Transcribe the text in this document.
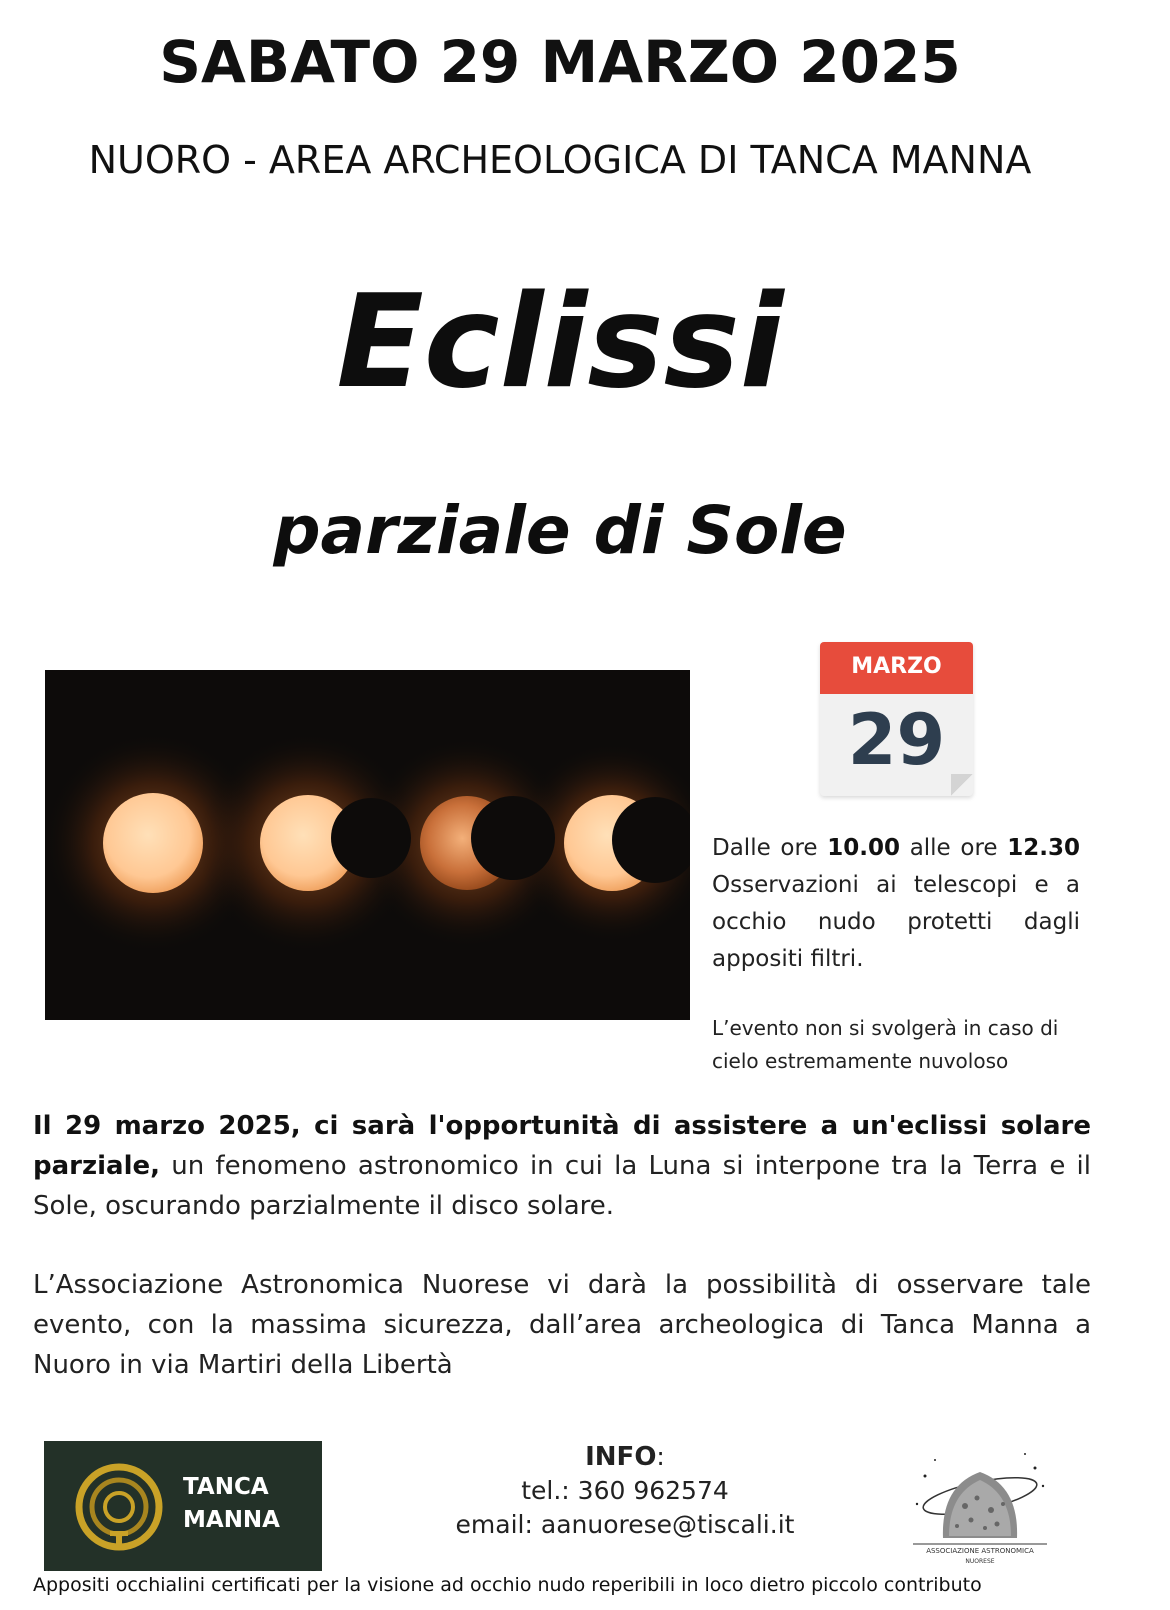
SABATO 29 MARZO 2025
NUORO - AREA ARCHEOLOGICA DI TANCA MANNA
Eclissi
parziale di Sole
MARZO
29
Dalle ore 10.00 alle ore 12.30 Osservazioni ai telescopi e a occhio nudo protetti dagli appositi filtri.
L’evento non si svolgerà in caso di cielo estremamente nuvoloso
Il 29 marzo 2025, ci sarà l'opportunità di assistere a un'eclissi solare parziale, un fenomeno astronomico in cui la Luna si interpone tra la Terra e il Sole, oscurando parzialmente il disco solare.
L’Associazione Astronomica Nuorese vi darà la possibilità di osservare tale evento, con la massima sicurezza, dall’area archeologica di Tanca Manna a Nuoro in via Martiri della Libertà
TANCA
MANNA
INFO:
tel.: 360 962574
email: aanuorese@tiscali.it
ASSOCIAZIONE ASTRONOMICA
NUORESE
Appositi occhialini certificati per la visione ad occhio nudo reperibili in loco dietro piccolo contributo
